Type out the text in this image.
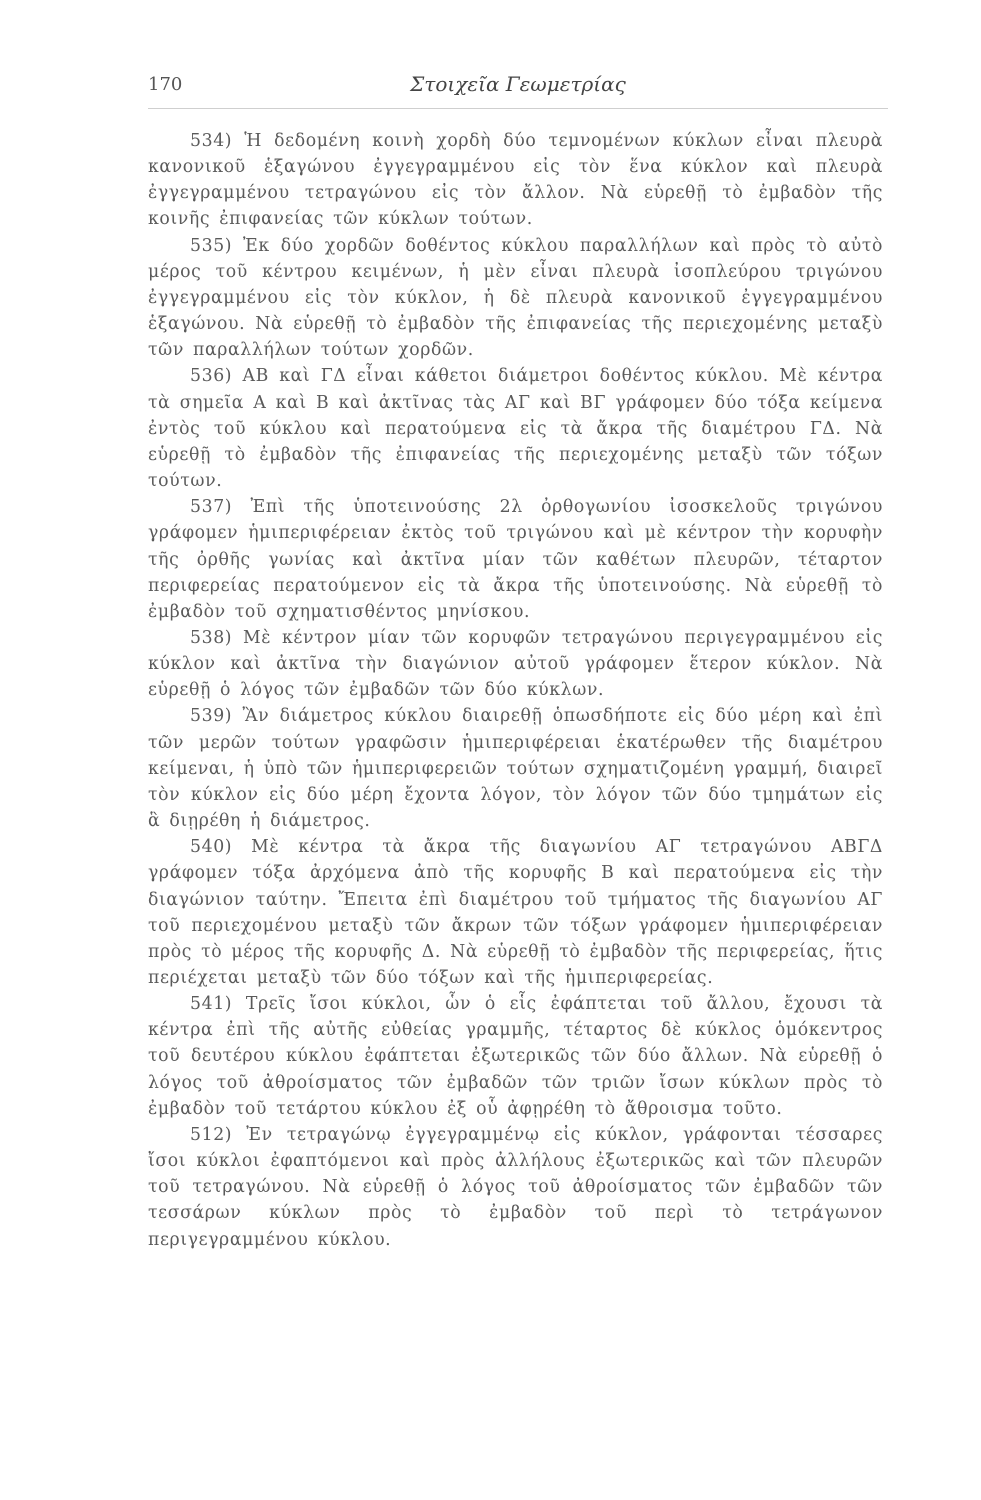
170	Στοιχεῖα Γεωμετρίας

534) Ἡ δεδομένη κοινὴ χορδὴ δύο τεμνομένων κύκλων εἶναι πλευρὰ κανονικοῦ ἑξαγώνου ἐγγεγραμμένου εἰς τὸν ἕνα κύκλον καὶ πλευρὰ ἐγγεγραμμένου τετραγώνου εἰς τὸν ἄλλον. Νὰ εὑρεθῇ τὸ ἐμβαδὸν τῆς κοινῆς ἐπιφανείας τῶν κύκλων τούτων.

535) Ἐκ δύο χορδῶν δοθέντος κύκλου παραλλήλων καὶ πρὸς τὸ αὐτὸ μέρος τοῦ κέντρου κειμένων, ἡ μὲν εἶναι πλευρὰ ἰσοπλεύρου τριγώνου ἐγγεγραμμένου εἰς τὸν κύκλον, ἡ δὲ πλευρὰ κανονικοῦ ἐγγεγραμμένου ἑξαγώνου. Νὰ εὑρεθῇ τὸ ἐμβαδὸν τῆς ἐπιφανείας τῆς περιεχομένης μεταξὺ τῶν παραλλήλων τούτων χορδῶν.

536) ΑΒ καὶ ΓΔ εἶναι κάθετοι διάμετροι δοθέντος κύκλου. Μὲ κέντρα τὰ σημεῖα Α καὶ Β καὶ ἀκτῖνας τὰς ΑΓ καὶ ΒΓ γράφομεν δύο τόξα κείμενα ἐντὸς τοῦ κύκλου καὶ περατούμενα εἰς τὰ ἄκρα τῆς διαμέτρου ΓΔ. Νὰ εὑρεθῇ τὸ ἐμβαδὸν τῆς ἐπιφανείας τῆς περιεχομένης μεταξὺ τῶν τόξων τούτων.

537) Ἐπὶ τῆς ὑποτεινούσης 2λ ὀρθογωνίου ἰσοσκελοῦς τριγώνου γράφομεν ἡμιπεριφέρειαν ἐκτὸς τοῦ τριγώνου καὶ μὲ κέντρον τὴν κορυφὴν τῆς ὀρθῆς γωνίας καὶ ἀκτῖνα μίαν τῶν καθέτων πλευρῶν, τέταρτον περιφερείας περατούμενον εἰς τὰ ἄκρα τῆς ὑποτεινούσης. Νὰ εὑρεθῇ τὸ ἐμβαδὸν τοῦ σχηματισθέντος μηνίσκου.

538) Μὲ κέντρον μίαν τῶν κορυφῶν τετραγώνου περιγεγραμμένου εἰς κύκλον καὶ ἀκτῖνα τὴν διαγώνιον αὐτοῦ γράφομεν ἕτερον κύκλον. Νὰ εὑρεθῇ ὁ λόγος τῶν ἐμβαδῶν τῶν δύο κύκλων.

539) Ἂν διάμετρος κύκλου διαιρεθῇ ὁπωσδήποτε εἰς δύο μέρη καὶ ἐπὶ τῶν μερῶν τούτων γραφῶσιν ἡμιπεριφέρειαι ἑκατέρωθεν τῆς διαμέτρου κείμεναι, ἡ ὑπὸ τῶν ἡμιπεριφερειῶν τούτων σχηματιζομένη γραμμή, διαιρεῖ τὸν κύκλον εἰς δύο μέρη ἔχοντα λόγον, τὸν λόγον τῶν δύο τμημάτων εἰς ἃ διῃρέθη ἡ διάμετρος.

540) Μὲ κέντρα τὰ ἄκρα τῆς διαγωνίου ΑΓ τετραγώνου ΑΒΓΔ γράφομεν τόξα ἀρχόμενα ἀπὸ τῆς κορυφῆς Β καὶ περατούμενα εἰς τὴν διαγώνιον ταύτην. Ἔπειτα ἐπὶ διαμέτρου τοῦ τμήματος τῆς διαγωνίου ΑΓ τοῦ περιεχομένου μεταξὺ τῶν ἄκρων τῶν τόξων γράφομεν ἡμιπεριφέρειαν πρὸς τὸ μέρος τῆς κορυφῆς Δ. Νὰ εὑρεθῇ τὸ ἐμβαδὸν τῆς περιφερείας, ἥτις περιέχεται μεταξὺ τῶν δύο τόξων καὶ τῆς ἡμιπεριφερείας.

541) Τρεῖς ἴσοι κύκλοι, ὧν ὁ εἷς ἐφάπτεται τοῦ ἄλλου, ἔχουσι τὰ κέντρα ἐπὶ τῆς αὐτῆς εὐθείας γραμμῆς, τέταρτος δὲ κύκλος ὁμόκεντρος τοῦ δευτέρου κύκλου ἐφάπτεται ἐξωτερικῶς τῶν δύο ἄλλων. Νὰ εὑρεθῇ ὁ λόγος τοῦ ἀθροίσματος τῶν ἐμβαδῶν τῶν τριῶν ἴσων κύκλων πρὸς τὸ ἐμβαδὸν τοῦ τετάρτου κύκλου ἐξ οὗ ἀφῃρέθη τὸ ἄθροισμα τοῦτο.

512) Ἐν τετραγώνῳ ἐγγεγραμμένῳ εἰς κύκλον, γράφονται τέσσαρες ἴσοι κύκλοι ἐφαπτόμενοι καὶ πρὸς ἀλλήλους ἐξωτερικῶς καὶ τῶν πλευρῶν τοῦ τετραγώνου. Νὰ εὑρεθῇ ὁ λόγος τοῦ ἀθροίσματος τῶν ἐμβαδῶν τῶν τεσσάρων κύκλων πρὸς τὸ ἐμβαδὸν τοῦ περὶ τὸ τετράγωνον περιγεγραμμένου κύκλου.
